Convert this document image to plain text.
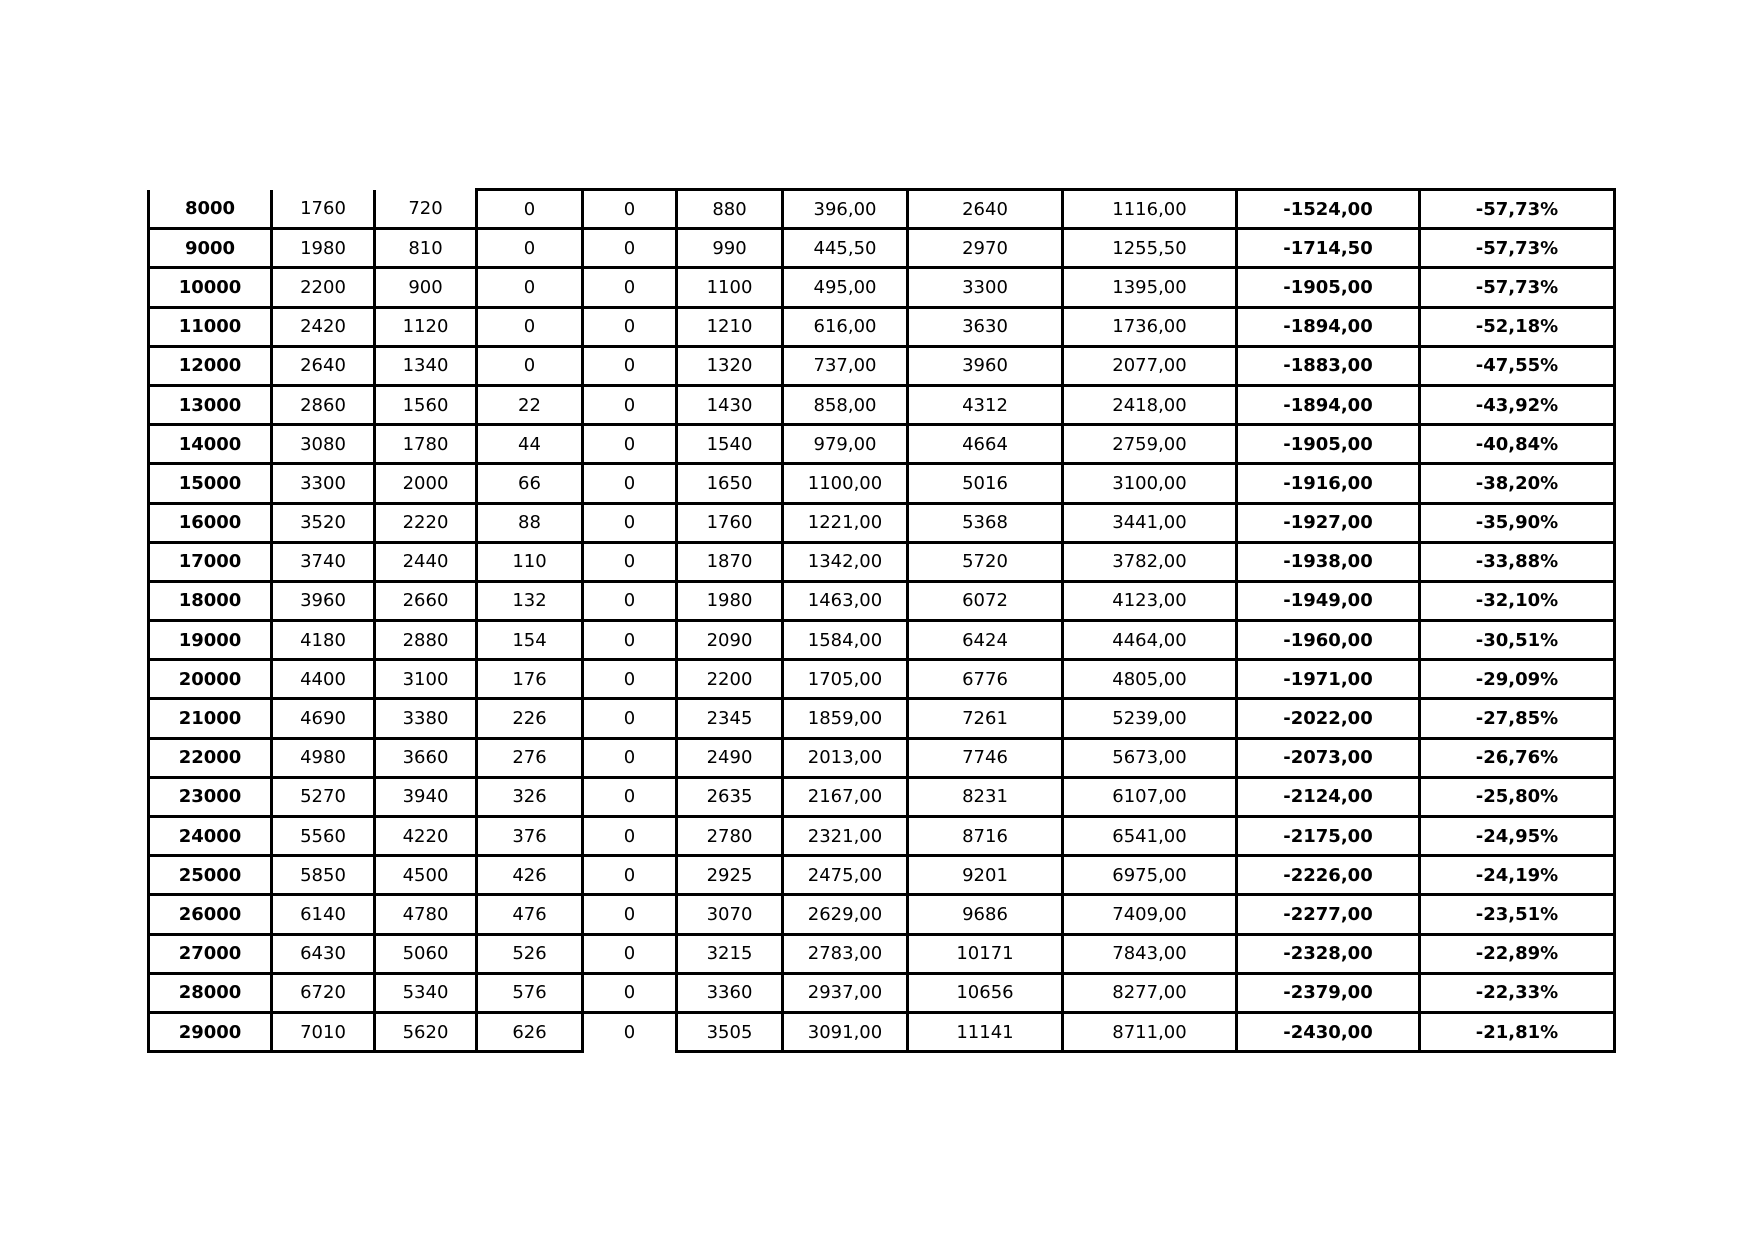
8000	1760	720	0	0	880	396,00	2640	1116,00	-1524,00	-57,73%
9000	1980	810	0	0	990	445,50	2970	1255,50	-1714,50	-57,73%
10000	2200	900	0	0	1100	495,00	3300	1395,00	-1905,00	-57,73%
11000	2420	1120	0	0	1210	616,00	3630	1736,00	-1894,00	-52,18%
12000	2640	1340	0	0	1320	737,00	3960	2077,00	-1883,00	-47,55%
13000	2860	1560	22	0	1430	858,00	4312	2418,00	-1894,00	-43,92%
14000	3080	1780	44	0	1540	979,00	4664	2759,00	-1905,00	-40,84%
15000	3300	2000	66	0	1650	1100,00	5016	3100,00	-1916,00	-38,20%
16000	3520	2220	88	0	1760	1221,00	5368	3441,00	-1927,00	-35,90%
17000	3740	2440	110	0	1870	1342,00	5720	3782,00	-1938,00	-33,88%
18000	3960	2660	132	0	1980	1463,00	6072	4123,00	-1949,00	-32,10%
19000	4180	2880	154	0	2090	1584,00	6424	4464,00	-1960,00	-30,51%
20000	4400	3100	176	0	2200	1705,00	6776	4805,00	-1971,00	-29,09%
21000	4690	3380	226	0	2345	1859,00	7261	5239,00	-2022,00	-27,85%
22000	4980	3660	276	0	2490	2013,00	7746	5673,00	-2073,00	-26,76%
23000	5270	3940	326	0	2635	2167,00	8231	6107,00	-2124,00	-25,80%
24000	5560	4220	376	0	2780	2321,00	8716	6541,00	-2175,00	-24,95%
25000	5850	4500	426	0	2925	2475,00	9201	6975,00	-2226,00	-24,19%
26000	6140	4780	476	0	3070	2629,00	9686	7409,00	-2277,00	-23,51%
27000	6430	5060	526	0	3215	2783,00	10171	7843,00	-2328,00	-22,89%
28000	6720	5340	576	0	3360	2937,00	10656	8277,00	-2379,00	-22,33%
29000	7010	5620	626	0	3505	3091,00	11141	8711,00	-2430,00	-21,81%
